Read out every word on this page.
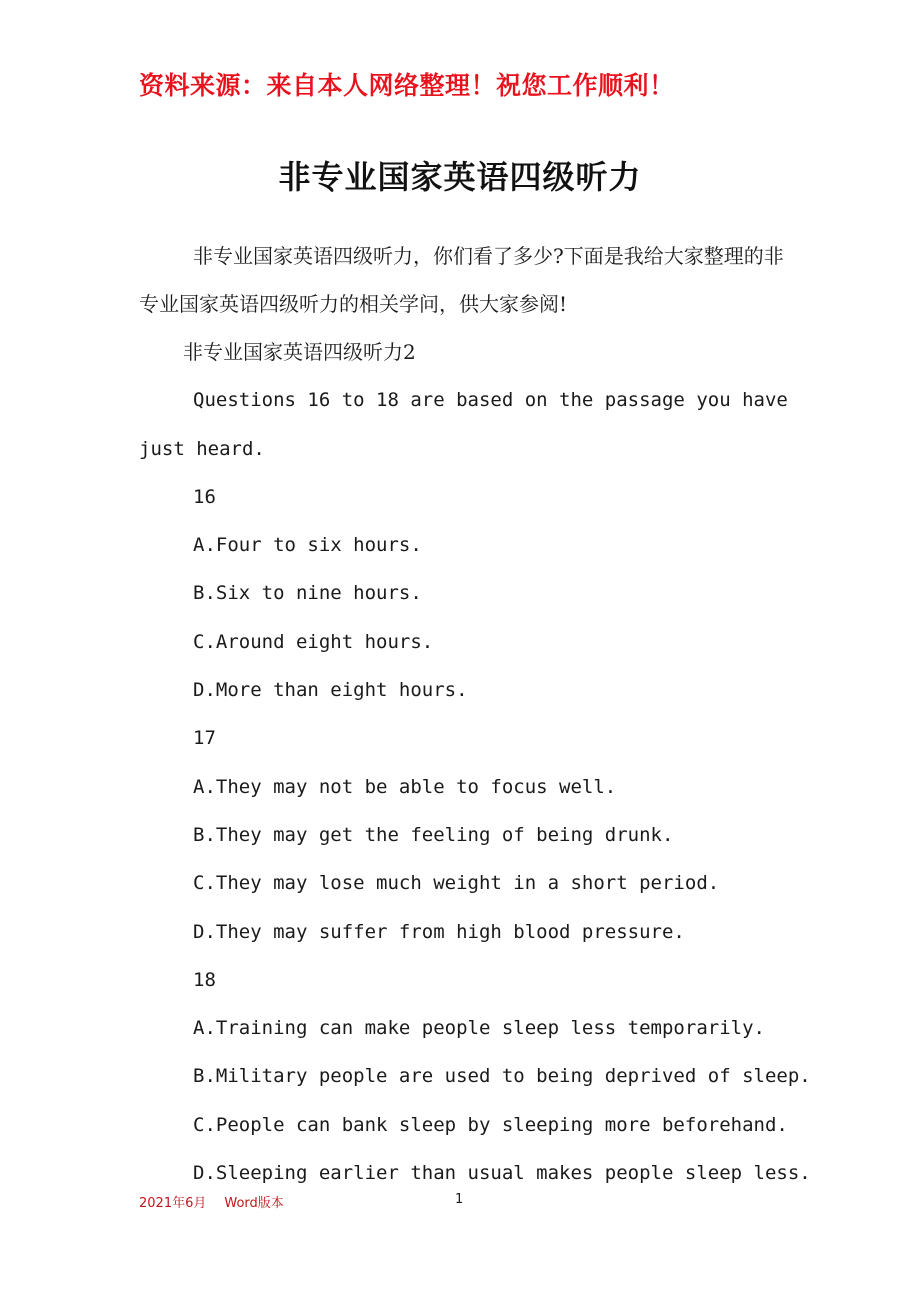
资料来源：来自本人网络整理！祝您工作顺利！
非专业国家英语四级听力
非专业国家英语四级听力，你们看了多少?下面是我给大家整理的非专业国家英语四级听力的相关学问，供大家参阅!
非专业国家英语四级听力2
Questions 16 to 18 are based on the passage you have just heard.
16
A.Four to six hours.
B.Six to nine hours.
C.Around eight hours.
D.More than eight hours.
17
A.They may not be able to focus well.
B.They may get the feeling of being drunk.
C.They may lose much weight in a short period.
D.They may suffer from high blood pressure.
18
A.Training can make people sleep less temporarily.
B.Military people are used to being deprived of sleep.
C.People can bank sleep by sleeping more beforehand.
D.Sleeping earlier than usual makes people sleep less.
2021年6月 Word版本	1
